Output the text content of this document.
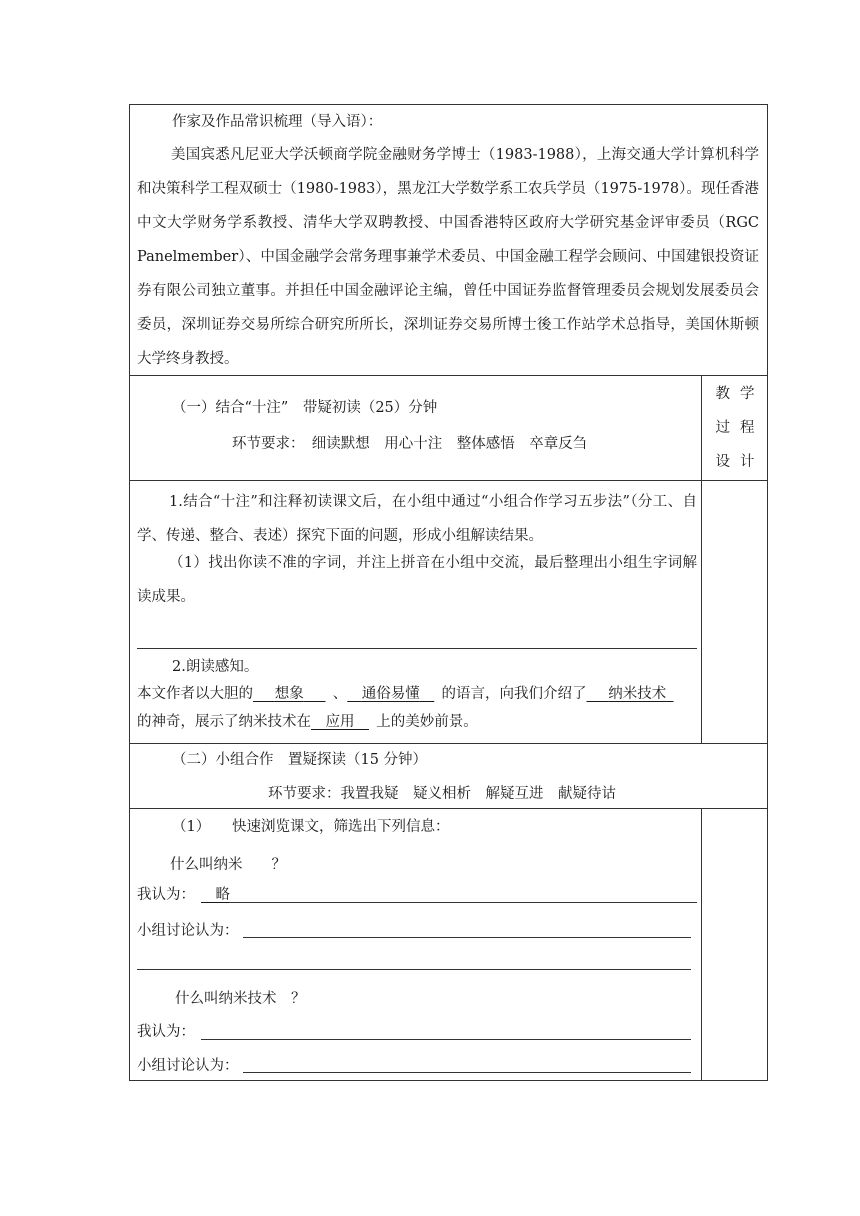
作家及作品常识梳理（导入语）：
美国宾悉凡尼亚大学沃顿商学院金融财务学博士（1983-1988），上海交通大学计算机科学和决策科学工程双硕士（1980-1983），黑龙江大学数学系工农兵学员（1975-1978）。现任香港中文大学财务学系教授、清华大学双聘教授、中国香港特区政府大学研究基金评审委员（RGC Panelmember）、中国金融学会常务理事兼学术委员、中国金融工程学会顾问、中国建银投资证券有限公司独立董事。并担任中国金融评论主编，曾任中国证券监督管理委员会规划发展委员会委员，深圳证券交易所综合研究所所长，深圳证券交易所博士後工作站学术总指导，美国休斯顿大学终身教授。
（一）结合“十注”　带疑初读（25）分钟
环节要求：　细读默想　用心十注　整体感悟　卒章反刍
教学
过程
设计
1.结合“十注”和注释初读课文后，在小组中通过“小组合作学习五步法”（分工、自学、传递、整合、表述）探究下面的问题，形成小组解读结果。
（1）找出你读不准的字词，并注上拼音在小组中交流，最后整理出小组生字词解读成果。
2.朗读感知。
本文作者以大胆的    想象     、   通俗易懂    的语言，向我们介绍了    纳米技术 
的神奇，展示了纳米技术在   应用    上的美妙前景。
（二）小组合作　置疑探读（15 分钟）
环节要求：我置我疑　疑义相析　解疑互进　献疑待诂
（1）　　快速浏览课文，筛选出下列信息：
什么叫纳米　　？
我认为：
  	略
小组讨论认为：
什么叫纳米技术　？
我认为：
小组讨论认为：
